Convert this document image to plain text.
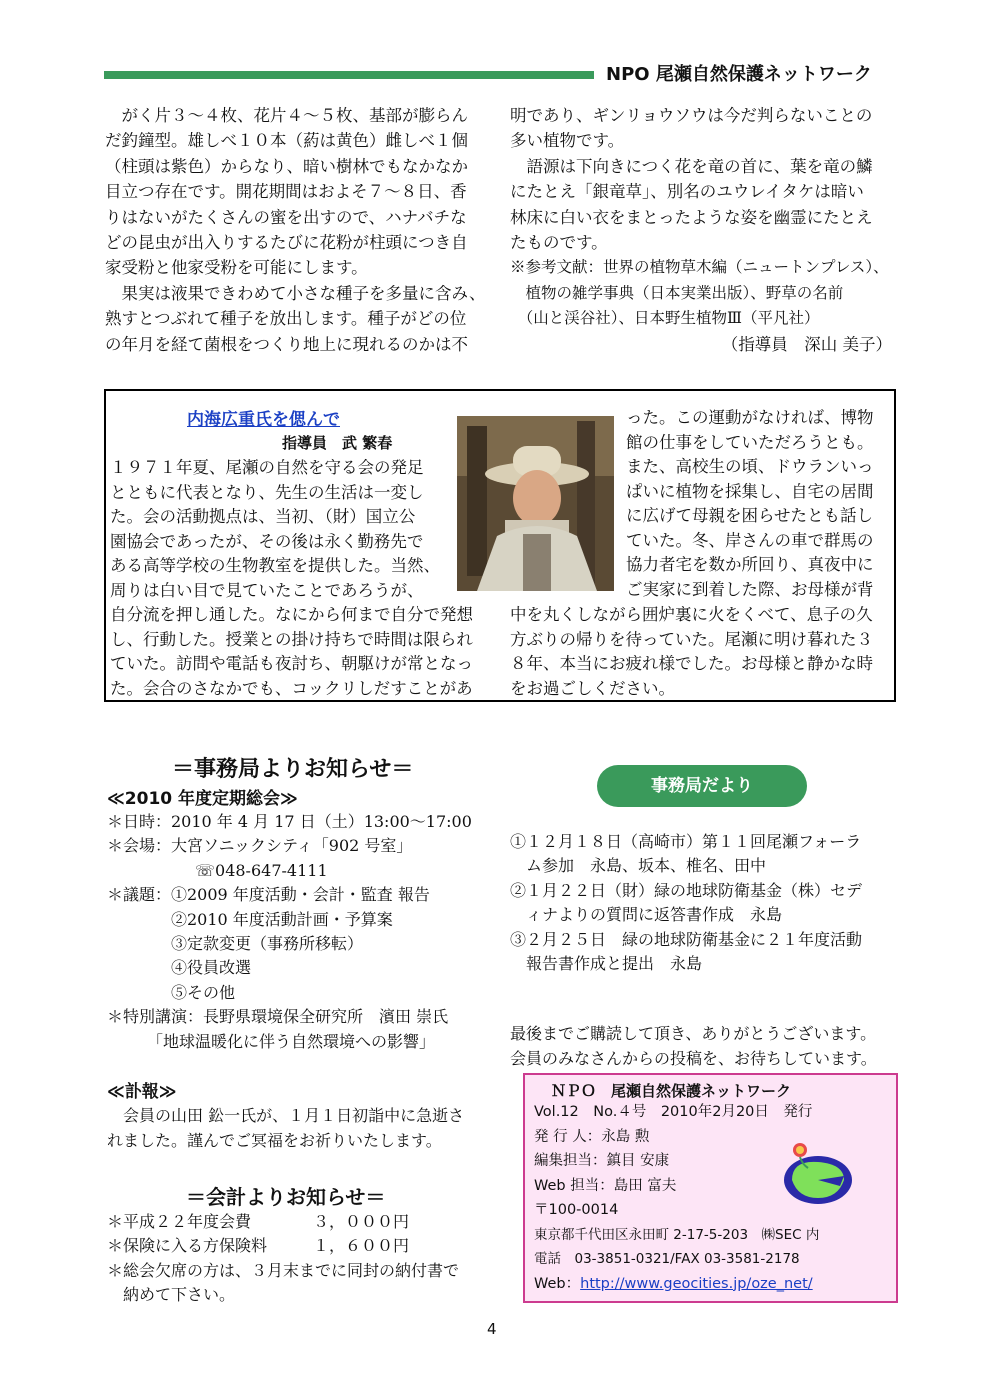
NPO 尾瀬自然保護ネットワーク
　がく片３～４枚、花片４～５枚、基部が膨らん
だ釣鐘型。雄しべ１０本（葯は黄色）雌しべ１個
（柱頭は紫色）からなり、暗い樹林でもなかなか
目立つ存在です。開花期間はおよそ７～８日、香
りはないがたくさんの蜜を出すので、ハナバチな
どの昆虫が出入りするたびに花粉が柱頭につき自
家受粉と他家受粉を可能にします。
　果実は液果できわめて小さな種子を多量に含み、
熟すとつぶれて種子を放出します。種子がどの位
の年月を経て菌根をつくり地上に現れるのかは不
明であり、ギンリョウソウは今だ判らないことの
多い植物です。
　語源は下向きにつく花を竜の首に、葉を竜の鱗
にたとえ「銀竜草」、別名のユウレイタケは暗い
林床に白い衣をまとったような姿を幽霊にたとえ
たものです。
※参考文献：世界の植物草木編（ニュートンプレス）、
　植物の雑学事典（日本実業出版）、野草の名前
　（山と渓谷社）、日本野生植物Ⅲ（平凡社）
（指導員　深山 美子）
内海広重氏を偲んで
指導員　武 繁春
１９７１年夏、尾瀬の自然を守る会の発足
とともに代表となり、先生の生活は一変し
た。会の活動拠点は、当初、（財）国立公
園協会であったが、その後は永く勤務先で
ある高等学校の生物教室を提供した。当然、
周りは白い目で見ていたことであろうが、
自分流を押し通した。なにから何まで自分で発想
し、行動した。授業との掛け持ちで時間は限られ
ていた。訪問や電話も夜討ち、朝駆けが常となっ
た。会合のさなかでも、コックリしだすことがあ
った。この運動がなければ、博物
館の仕事をしていただろうとも。
また、高校生の頃、ドウランいっ
ぱいに植物を採集し、自宅の居間
に広げて母親を困らせたとも話し
ていた。冬、岸さんの車で群馬の
協力者宅を数か所回り、真夜中に
ご実家に到着した際、お母様が背
中を丸くしながら囲炉裏に火をくべて、息子の久
方ぶりの帰りを待っていた。尾瀬に明け暮れた３
８年、本当にお疲れ様でした。お母様と静かな時
をお過ごしください。
＝事務局よりお知らせ＝
≪2010 年度定期総会≫
＊日時：2010 年 4 月 17 日（土）13:00～17:00
＊会場：大宮ソニックシティ「902 号室」
☏048-647-4111
＊議題：①2009 年度活動・会計・監査 報告
②2010 年度活動計画・予算案
③定款変更（事務所移転）
④役員改選
⑤その他
＊特別講演：長野県環境保全研究所　濱田 崇氏
「地球温暖化に伴う自然環境への影響」
≪訃報≫
　会員の山田 鈆一氏が、１月１日初詣中に急逝さ
れました。謹んでご冥福をお祈りいたします。
＝会計よりお知らせ＝
＊平成２２年度会費	３，０００円
＊保険に入る方保険料	１，６００円
＊総会欠席の方は、３月末までに同封の納付書で
　納めて下さい。
事務局だより
①１２月１８日（高崎市）第１１回尾瀬フォーラ
　ム参加　永島、坂本、椎名、田中
②１月２２日（財）緑の地球防衛基金（株）セデ
　ィナよりの質問に返答書作成　永島
③２月２５日　緑の地球防衛基金に２１年度活動
　報告書作成と提出　永島
最後までご購読して頂き、ありがとうございます。
会員のみなさんからの投稿を、お待ちしています。
ＮＰＯ　尾瀬自然保護ネットワーク
Vol.12　No.４号　2010年2月20日　発行
発 行 人：永島 勲
編集担当：鎮目 安康
Web 担当：島田 富夫
〒100-0014
東京都千代田区永田町 2-17-5-203　㈱SEC 内
電話　03-3851-0321/FAX 03-3581-2178
Web：http://www.geocities.jp/oze_net/
4
